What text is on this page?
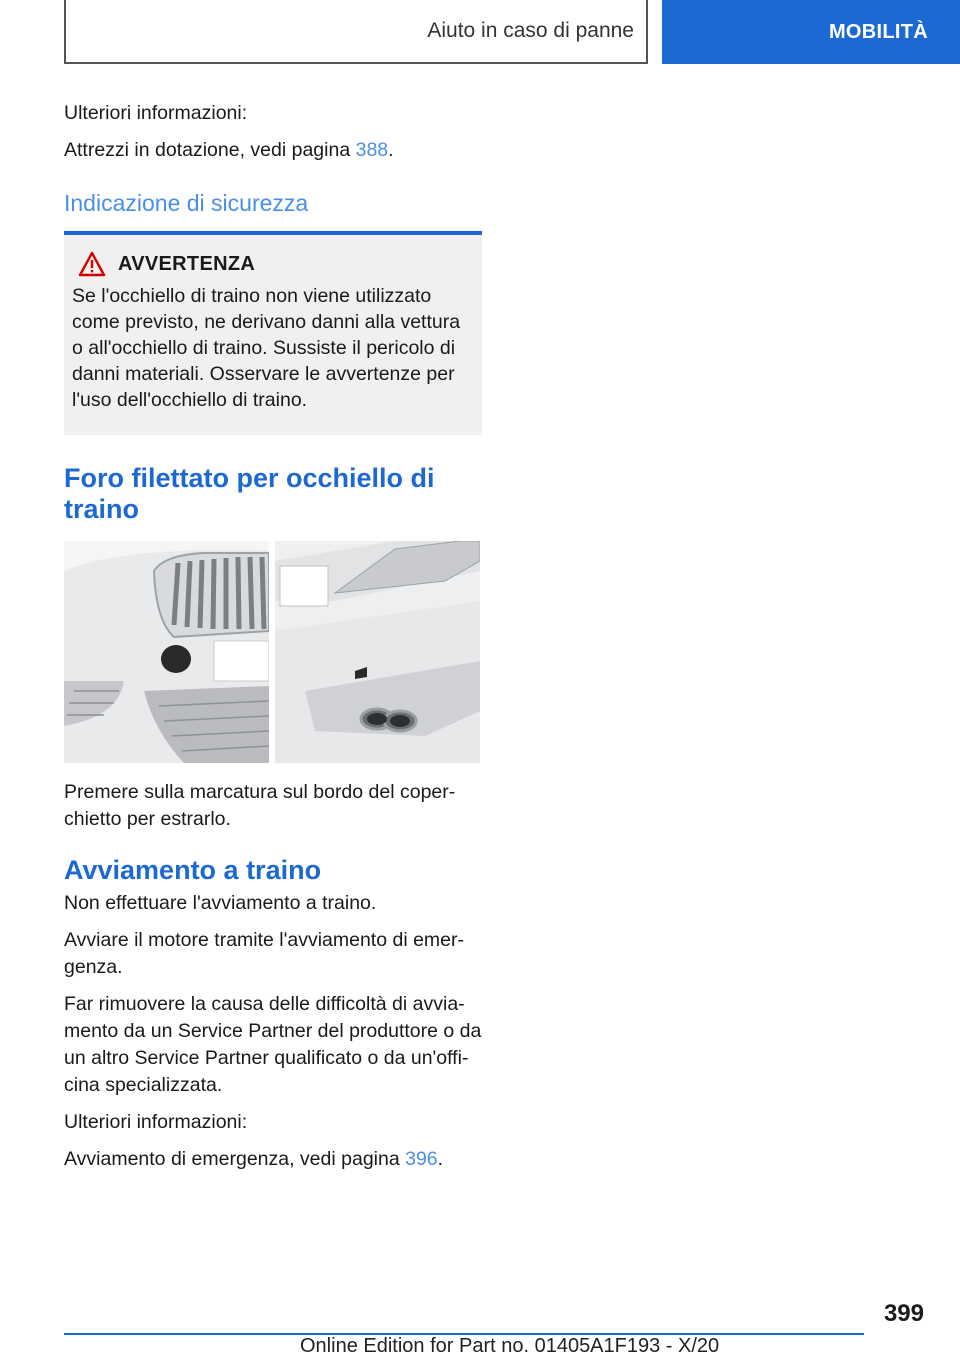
Aiuto in caso di panne	MOBILITÀ

Ulteriori informazioni:

Attrezzi in dotazione, vedi pagina 388.

Indicazione di sicurezza
AVVERTENZA

Se l'occhiello di traino non viene utilizzato come previsto, ne derivano danni alla vettura o all'occhiello di traino. Sussiste il pericolo di danni materiali. Osservare le avvertenze per l'uso dell'occhiello di traino.

Foro filettato per occhiello di traino

Premere sulla marcatura sul bordo del coperchietto per estrarlo.

Avviamento a traino

Non effettuare l'avviamento a traino.

Avviare il motore tramite l'avviamento di emergenza.

Far rimuovere la causa delle difficoltà di avviamento da un Service Partner del produttore o da un altro Service Partner qualificato o da un'officina specializzata.

Ulteriori informazioni:

Avviamento di emergenza, vedi pagina 396.

399
Online Edition for Part no. 01405A1F193 - X/20
